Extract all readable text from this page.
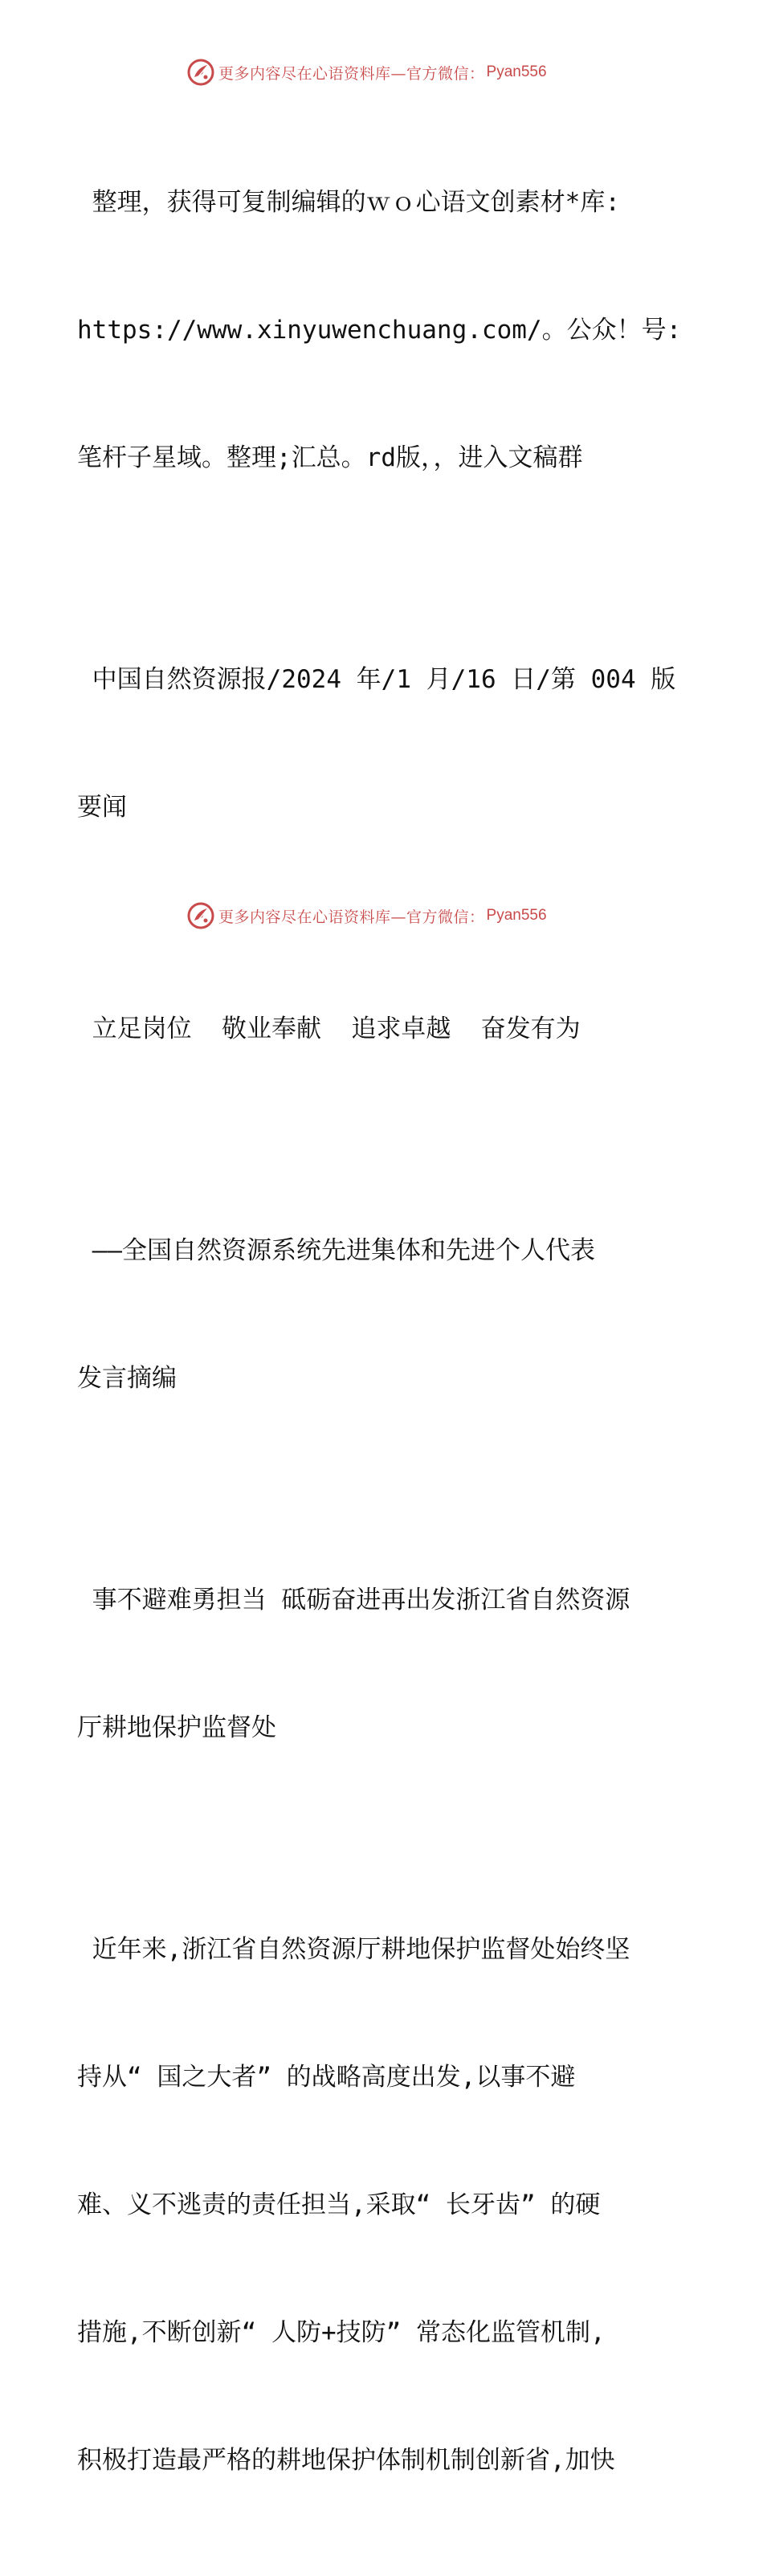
更多内容尽在心语资料库—官方微信： Pyan556

整理，获得可复制编辑的ｗｏ心语文创素材*库:

https://www.xinyuwenchuang.com/。公众！号:

笔杆子星域。整理;汇总。rd版，，进入文稿群

中国自然资源报/2024 年/1 月/16 日/第 004 版

要闻

立足岗位  敬业奉献  追求卓越  奋发有为

——全国自然资源系统先进集体和先进个人代表

发言摘编

事不避难勇担当 砥砺奋进再出发浙江省自然资源

厅耕地保护监督处

近年来,浙江省自然资源厅耕地保护监督处始终坚

持从“ 国之大者” 的战略高度出发,以事不避

难、义不逃责的责任担当,采取“ 长牙齿” 的硬

措施,不断创新“ 人防+技防” 常态化监管机制,

积极打造最严格的耕地保护体制机制创新省,加快

更多内容尽在心语资料库—官方微信： Pyan556
